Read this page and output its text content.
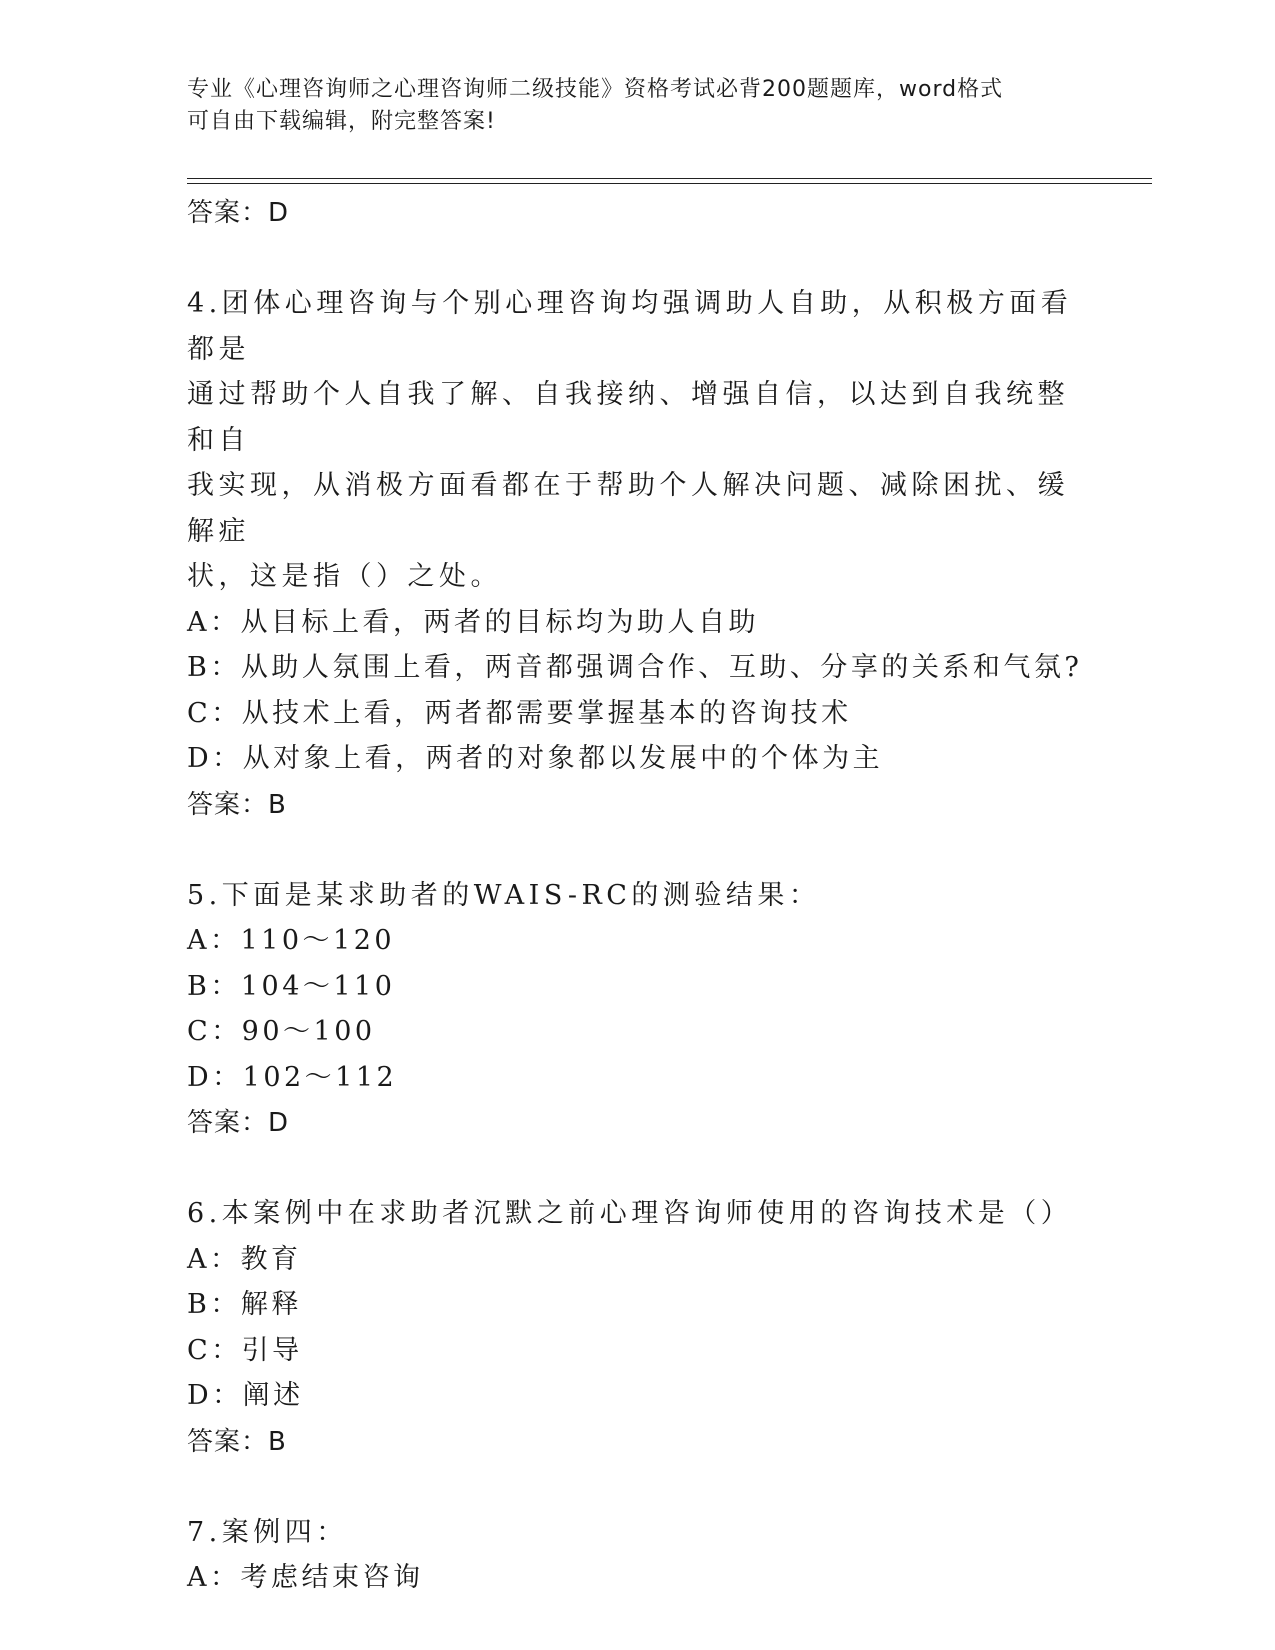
专业《心理咨询师之心理咨询师二级技能》资格考试必背200题题库，word格式
可自由下载编辑，附完整答案!
答案：D
4.团体心理咨询与个别心理咨询均强调助人自助，从积极方面看都是
通过帮助个人自我了解、自我接纳、增强自信，以达到自我统整和自
我实现，从消极方面看都在于帮助个人解决问题、减除困扰、缓解症
状，这是指（）之处。
A：从目标上看，两者的目标均为助人自助
B：从助人氛围上看，两音都强调合作、互助、分享的关系和气氛?
C：从技术上看，两者都需要掌握基本的咨询技术
D：从对象上看，两者的对象都以发展中的个体为主
答案：B
5.下面是某求助者的WAIS-RC的测验结果：
A：110～120
B：104～110
C：90～100
D：102～112
答案：D
6.本案例中在求助者沉默之前心理咨询师使用的咨询技术是（）
A：教育
B：解释
C：引导
D：阐述
答案：B
7.案例四：
A：考虑结束咨询
